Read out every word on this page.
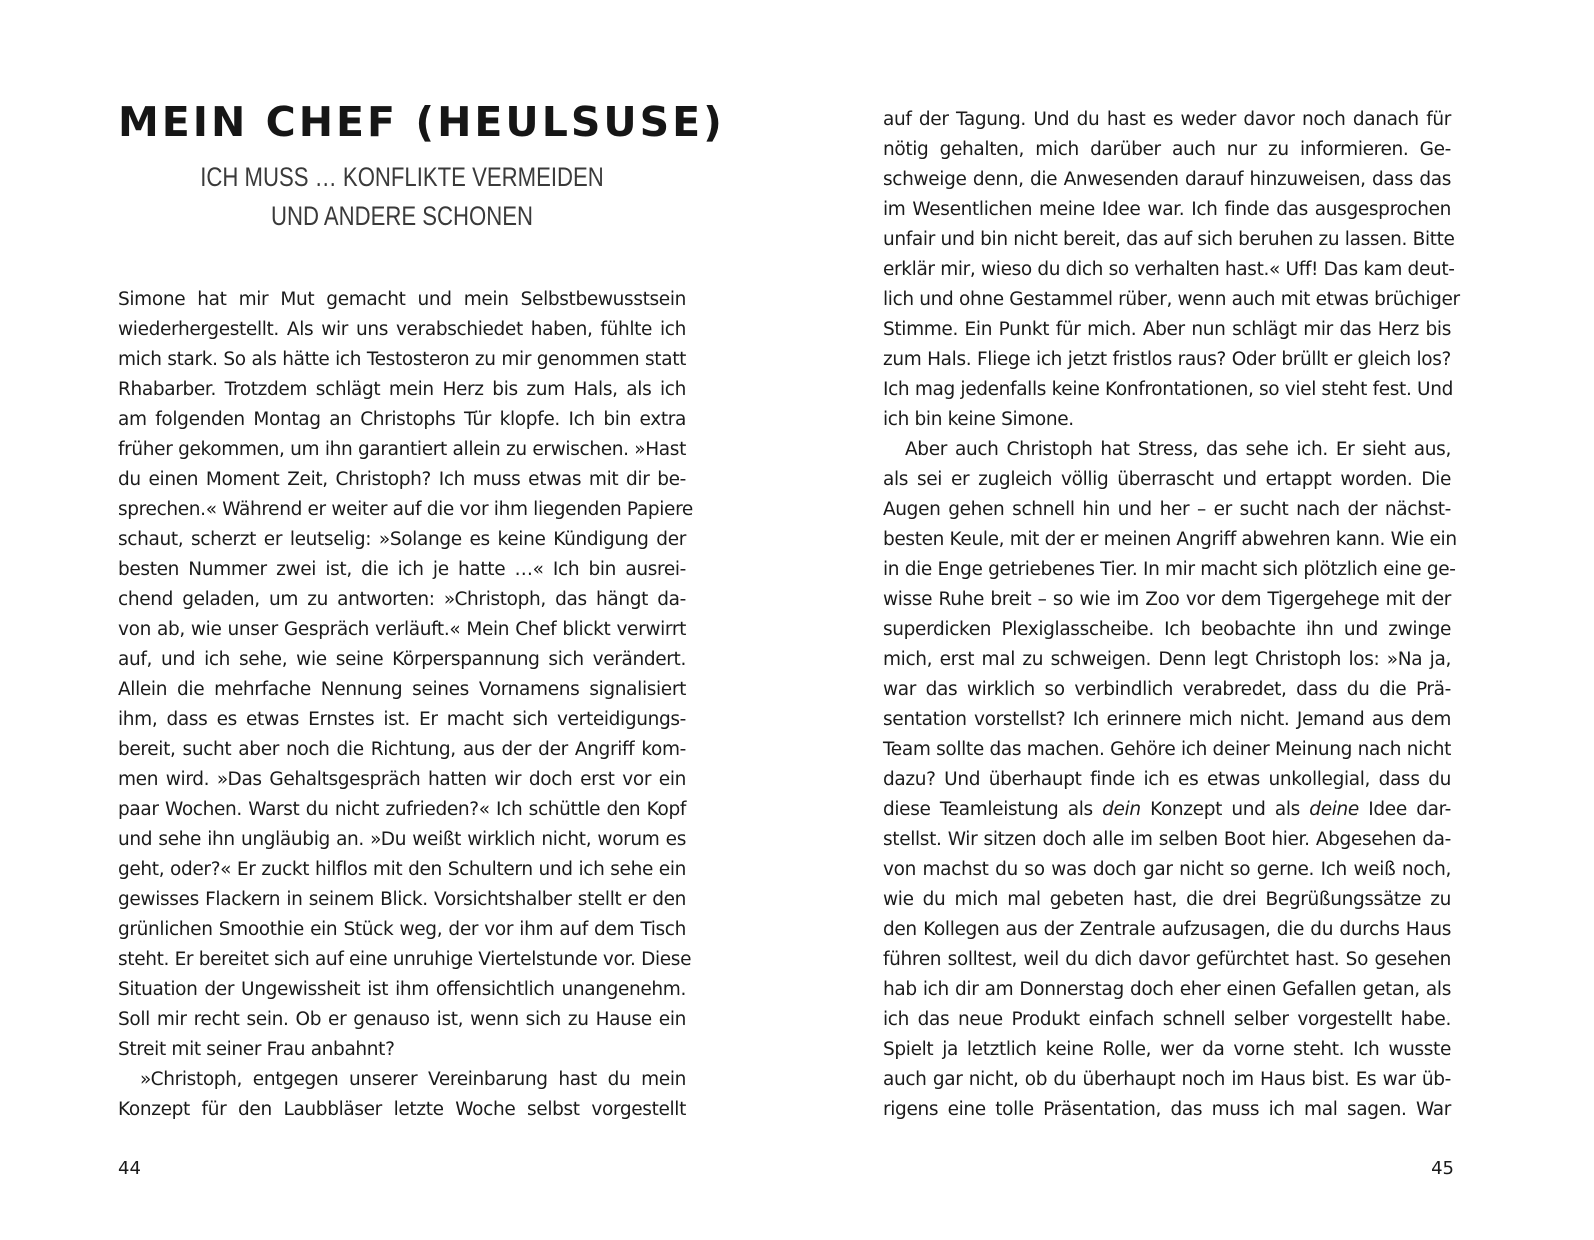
MEIN CHEF (HEULSUSE)
ICH MUSS … KONFLIKTE VERMEIDEN
UND ANDERE SCHONEN
Simone hat mir Mut gemacht und mein Selbstbewusstsein
wiederhergestellt. Als wir uns verabschiedet haben, fühlte ich
mich stark. So als hätte ich Testosteron zu mir genommen statt
Rhabarber. Trotzdem schlägt mein Herz bis zum Hals, als ich
am folgenden Montag an Christophs Tür klopfe. Ich bin extra
früher gekommen, um ihn garantiert allein zu erwischen. »Hast
du einen Moment Zeit, Christoph? Ich muss etwas mit dir be-
sprechen.« Während er weiter auf die vor ihm liegenden Papiere
schaut, scherzt er leutselig: »Solange es keine Kündigung der
besten Nummer zwei ist, die ich je hatte …« Ich bin ausrei-
chend geladen, um zu antworten: »Christoph, das hängt da-
von ab, wie unser Gespräch verläuft.« Mein Chef blickt verwirrt
auf, und ich sehe, wie seine Körperspannung sich verändert.
Allein die mehrfache Nennung seines Vornamens signalisiert
ihm, dass es etwas Ernstes ist. Er macht sich verteidigungs-
bereit, sucht aber noch die Richtung, aus der der Angriff kom-
men wird. »Das Gehaltsgespräch hatten wir doch erst vor ein
paar Wochen. Warst du nicht zufrieden?« Ich schüttle den Kopf
und sehe ihn ungläubig an. »Du weißt wirklich nicht, worum es
geht, oder?« Er zuckt hilflos mit den Schultern und ich sehe ein
gewisses Flackern in seinem Blick. Vorsichtshalber stellt er den
grünlichen Smoothie ein Stück weg, der vor ihm auf dem Tisch
steht. Er bereitet sich auf eine unruhige Viertelstunde vor. Diese
Situation der Ungewissheit ist ihm offensichtlich unangenehm.
Soll mir recht sein. Ob er genauso ist, wenn sich zu Hause ein
Streit mit seiner Frau anbahnt?
»Christoph, entgegen unserer Vereinbarung hast du mein
Konzept für den Laubbläser letzte Woche selbst vorgestellt
44
auf der Tagung. Und du hast es weder davor noch danach für
nötig gehalten, mich darüber auch nur zu informieren. Ge-
schweige denn, die Anwesenden darauf hinzuweisen, dass das
im Wesentlichen meine Idee war. Ich finde das ausgesprochen
unfair und bin nicht bereit, das auf sich beruhen zu lassen. Bitte
erklär mir, wieso du dich so verhalten hast.« Uff! Das kam deut-
lich und ohne Gestammel rüber, wenn auch mit etwas brüchiger
Stimme. Ein Punkt für mich. Aber nun schlägt mir das Herz bis
zum Hals. Fliege ich jetzt fristlos raus? Oder brüllt er gleich los?
Ich mag jedenfalls keine Konfrontationen, so viel steht fest. Und
ich bin keine Simone.
Aber auch Christoph hat Stress, das sehe ich. Er sieht aus,
als sei er zugleich völlig überrascht und ertappt worden. Die
Augen gehen schnell hin und her – er sucht nach der nächst-
besten Keule, mit der er meinen Angriff abwehren kann. Wie ein
in die Enge getriebenes Tier. In mir macht sich plötzlich eine ge-
wisse Ruhe breit – so wie im Zoo vor dem Tigergehege mit der
superdicken Plexiglasscheibe. Ich beobachte ihn und zwinge
mich, erst mal zu schweigen. Denn legt Christoph los: »Na ja,
war das wirklich so verbindlich verabredet, dass du die Prä-
sentation vorstellst? Ich erinnere mich nicht. Jemand aus dem
Team sollte das machen. Gehöre ich deiner Meinung nach nicht
dazu? Und überhaupt finde ich es etwas unkollegial, dass du
diese Teamleistung als dein Konzept und als deine Idee dar-
stellst. Wir sitzen doch alle im selben Boot hier. Abgesehen da-
von machst du so was doch gar nicht so gerne. Ich weiß noch,
wie du mich mal gebeten hast, die drei Begrüßungssätze zu
den Kollegen aus der Zentrale aufzusagen, die du durchs Haus
führen solltest, weil du dich davor gefürchtet hast. So gesehen
hab ich dir am Donnerstag doch eher einen Gefallen getan, als
ich das neue Produkt einfach schnell selber vorgestellt habe.
Spielt ja letztlich keine Rolle, wer da vorne steht. Ich wusste
auch gar nicht, ob du überhaupt noch im Haus bist. Es war üb-
rigens eine tolle Präsentation, das muss ich mal sagen. War
45
